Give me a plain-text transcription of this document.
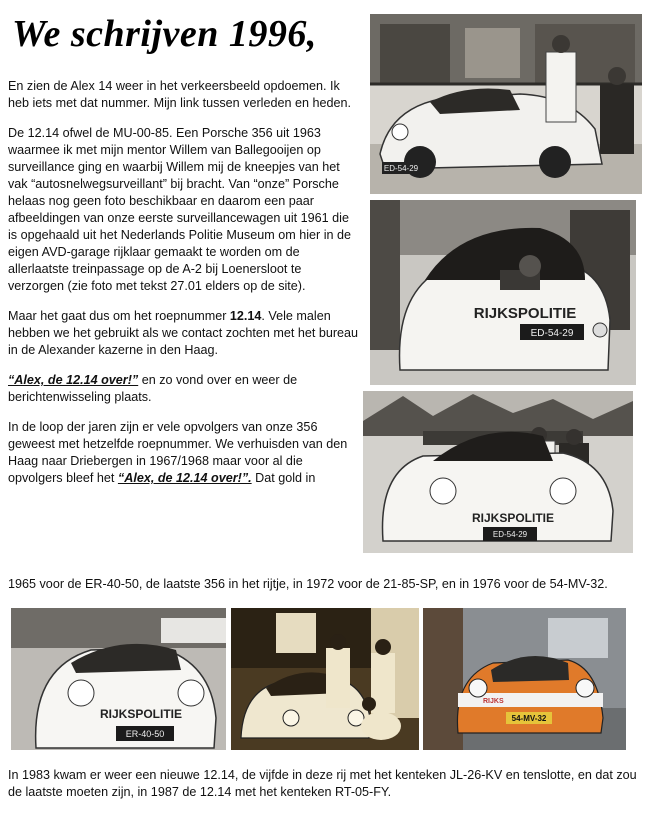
We schrijven 1996,

En zien de Alex 14 weer in het verkeersbeeld opdoemen. Ik heb iets met dat nummer. Mijn link tussen verleden en heden.

De 12.14 ofwel de MU-00-85. Een Porsche 356 uit 1963 waarmee ik met mijn mentor Willem van Ballegooijen op surveillance ging en waarbij Willem mij de kneepjes van het vak “autosnelwegsurveillant” bij bracht. Van “onze” Porsche helaas nog geen foto beschikbaar en daarom een paar afbeeldingen van onze eerste surveillancewagen uit 1961 die is opgehaald uit het Nederlands Politie Museum om hier in de eigen AVD-garage rijklaar gemaakt te worden om de allerlaatste treinpassage op de A-2 bij Loenersloot te verzorgen (zie foto met tekst 27.01 elders op de site).

Maar het gaat dus om het roepnummer 12.14. Vele malen hebben we het gebruikt als we contact zochten met het bureau in de Alexander kazerne in den Haag.

“Alex, de 12.14 over!” en zo vond over en weer de berichtenwisseling plaats.

In de loop der jaren zijn er vele opvolgers van onze 356 geweest met hetzelfde roepnummer. We verhuisden van den Haag naar Driebergen in 1967/1968 maar voor al die opvolgers bleef het “Alex, de 12.14 over!”. Dat gold in

1965 voor de ER-40-50, de laatste 356 in het rijtje, in 1972 voor de 21-85-SP, en in 1976 voor de 54-MV-32.

ED-54-29
RIJKSPOLITIE
ED-54-29
RIJKSPOLITIE
ED-54-29
RIJKSPOLITIE
ER-40-50
RIJKS
54-MV-32

In 1983 kwam er weer een nieuwe 12.14, de vijfde in deze rij met het kenteken JL-26-KV en tenslotte, en dat zou de laatste moeten zijn, in 1987 de 12.14 met het kenteken RT-05-FY.
